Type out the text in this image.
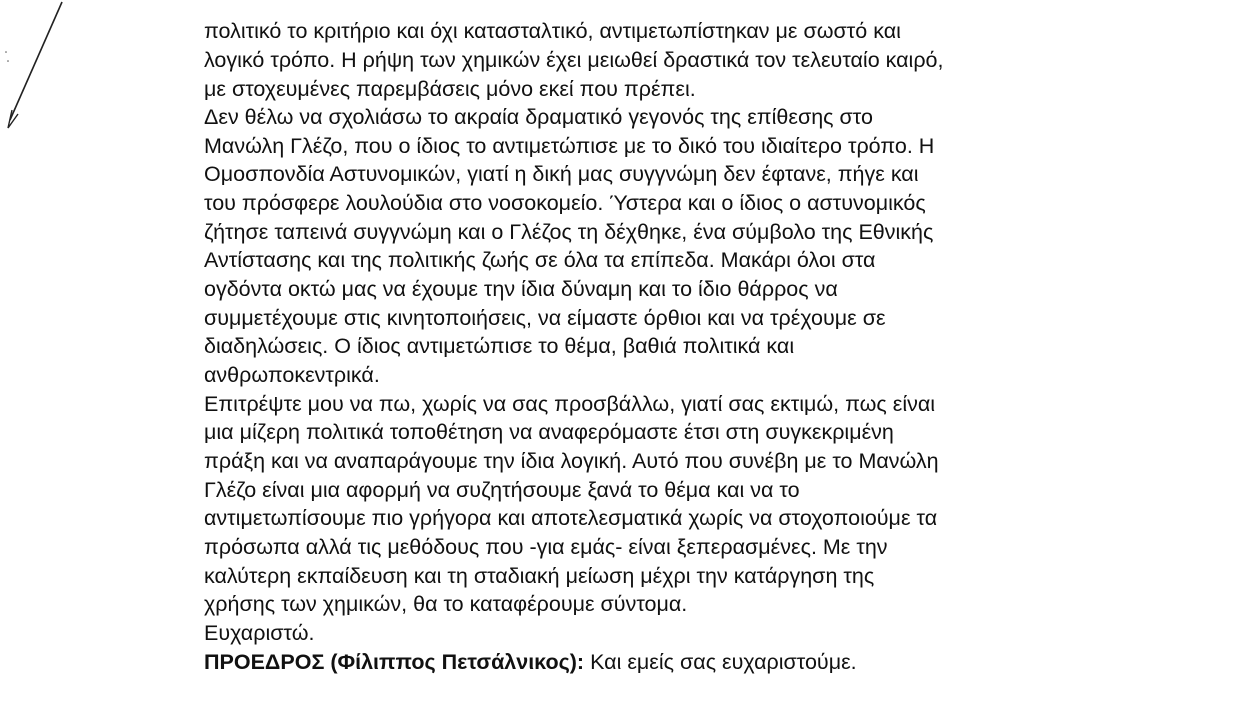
πολιτικό το κριτήριο και όχι κατασταλτικό, αντιμετωπίστηκαν με σωστό και

λογικό τρόπο. Η ρήψη των χημικών έχει μειωθεί δραστικά τον τελευταίο καιρό,

με στοχευμένες παρεμβάσεις μόνο εκεί που πρέπει.

Δεν θέλω να σχολιάσω το ακραία δραματικό γεγονός της επίθεσης στο

Μανώλη Γλέζο, που ο ίδιος το αντιμετώπισε με το δικό του ιδιαίτερο τρόπο. Η

Ομοσπονδία Αστυνομικών, γιατί η δική μας συγγνώμη δεν έφτανε, πήγε και

του πρόσφερε λουλούδια στο νοσοκομείο. Ύστερα και ο ίδιος ο αστυνομικός

ζήτησε ταπεινά συγγνώμη και ο Γλέζος τη δέχθηκε, ένα σύμβολο της Εθνικής

Αντίστασης και της πολιτικής ζωής σε όλα τα επίπεδα. Μακάρι όλοι στα

ογδόντα οκτώ μας να έχουμε την ίδια δύναμη και το ίδιο θάρρος να

συμμετέχουμε στις κινητοποιήσεις, να είμαστε όρθιοι και να τρέχουμε σε

διαδηλώσεις. Ο ίδιος αντιμετώπισε το θέμα, βαθιά πολιτικά και

ανθρωποκεντρικά.

Επιτρέψτε μου να πω, χωρίς να σας προσβάλλω, γιατί σας εκτιμώ, πως είναι

μια μίζερη πολιτικά τοποθέτηση να αναφερόμαστε έτσι στη συγκεκριμένη

πράξη και να αναπαράγουμε την ίδια λογική. Αυτό που συνέβη με το Μανώλη

Γλέζο είναι μια αφορμή να συζητήσουμε ξανά το θέμα και να το

αντιμετωπίσουμε πιο γρήγορα και αποτελεσματικά χωρίς να στοχοποιούμε τα

πρόσωπα αλλά τις μεθόδους που -για εμάς- είναι ξεπερασμένες. Με την

καλύτερη εκπαίδευση και τη σταδιακή μείωση μέχρι την κατάργηση της

χρήσης των χημικών, θα το καταφέρουμε σύντομα.

Ευχαριστώ.

ΠΡΟΕΔΡΟΣ (Φίλιππος Πετσάλνικος): Και εμείς σας ευχαριστούμε.
